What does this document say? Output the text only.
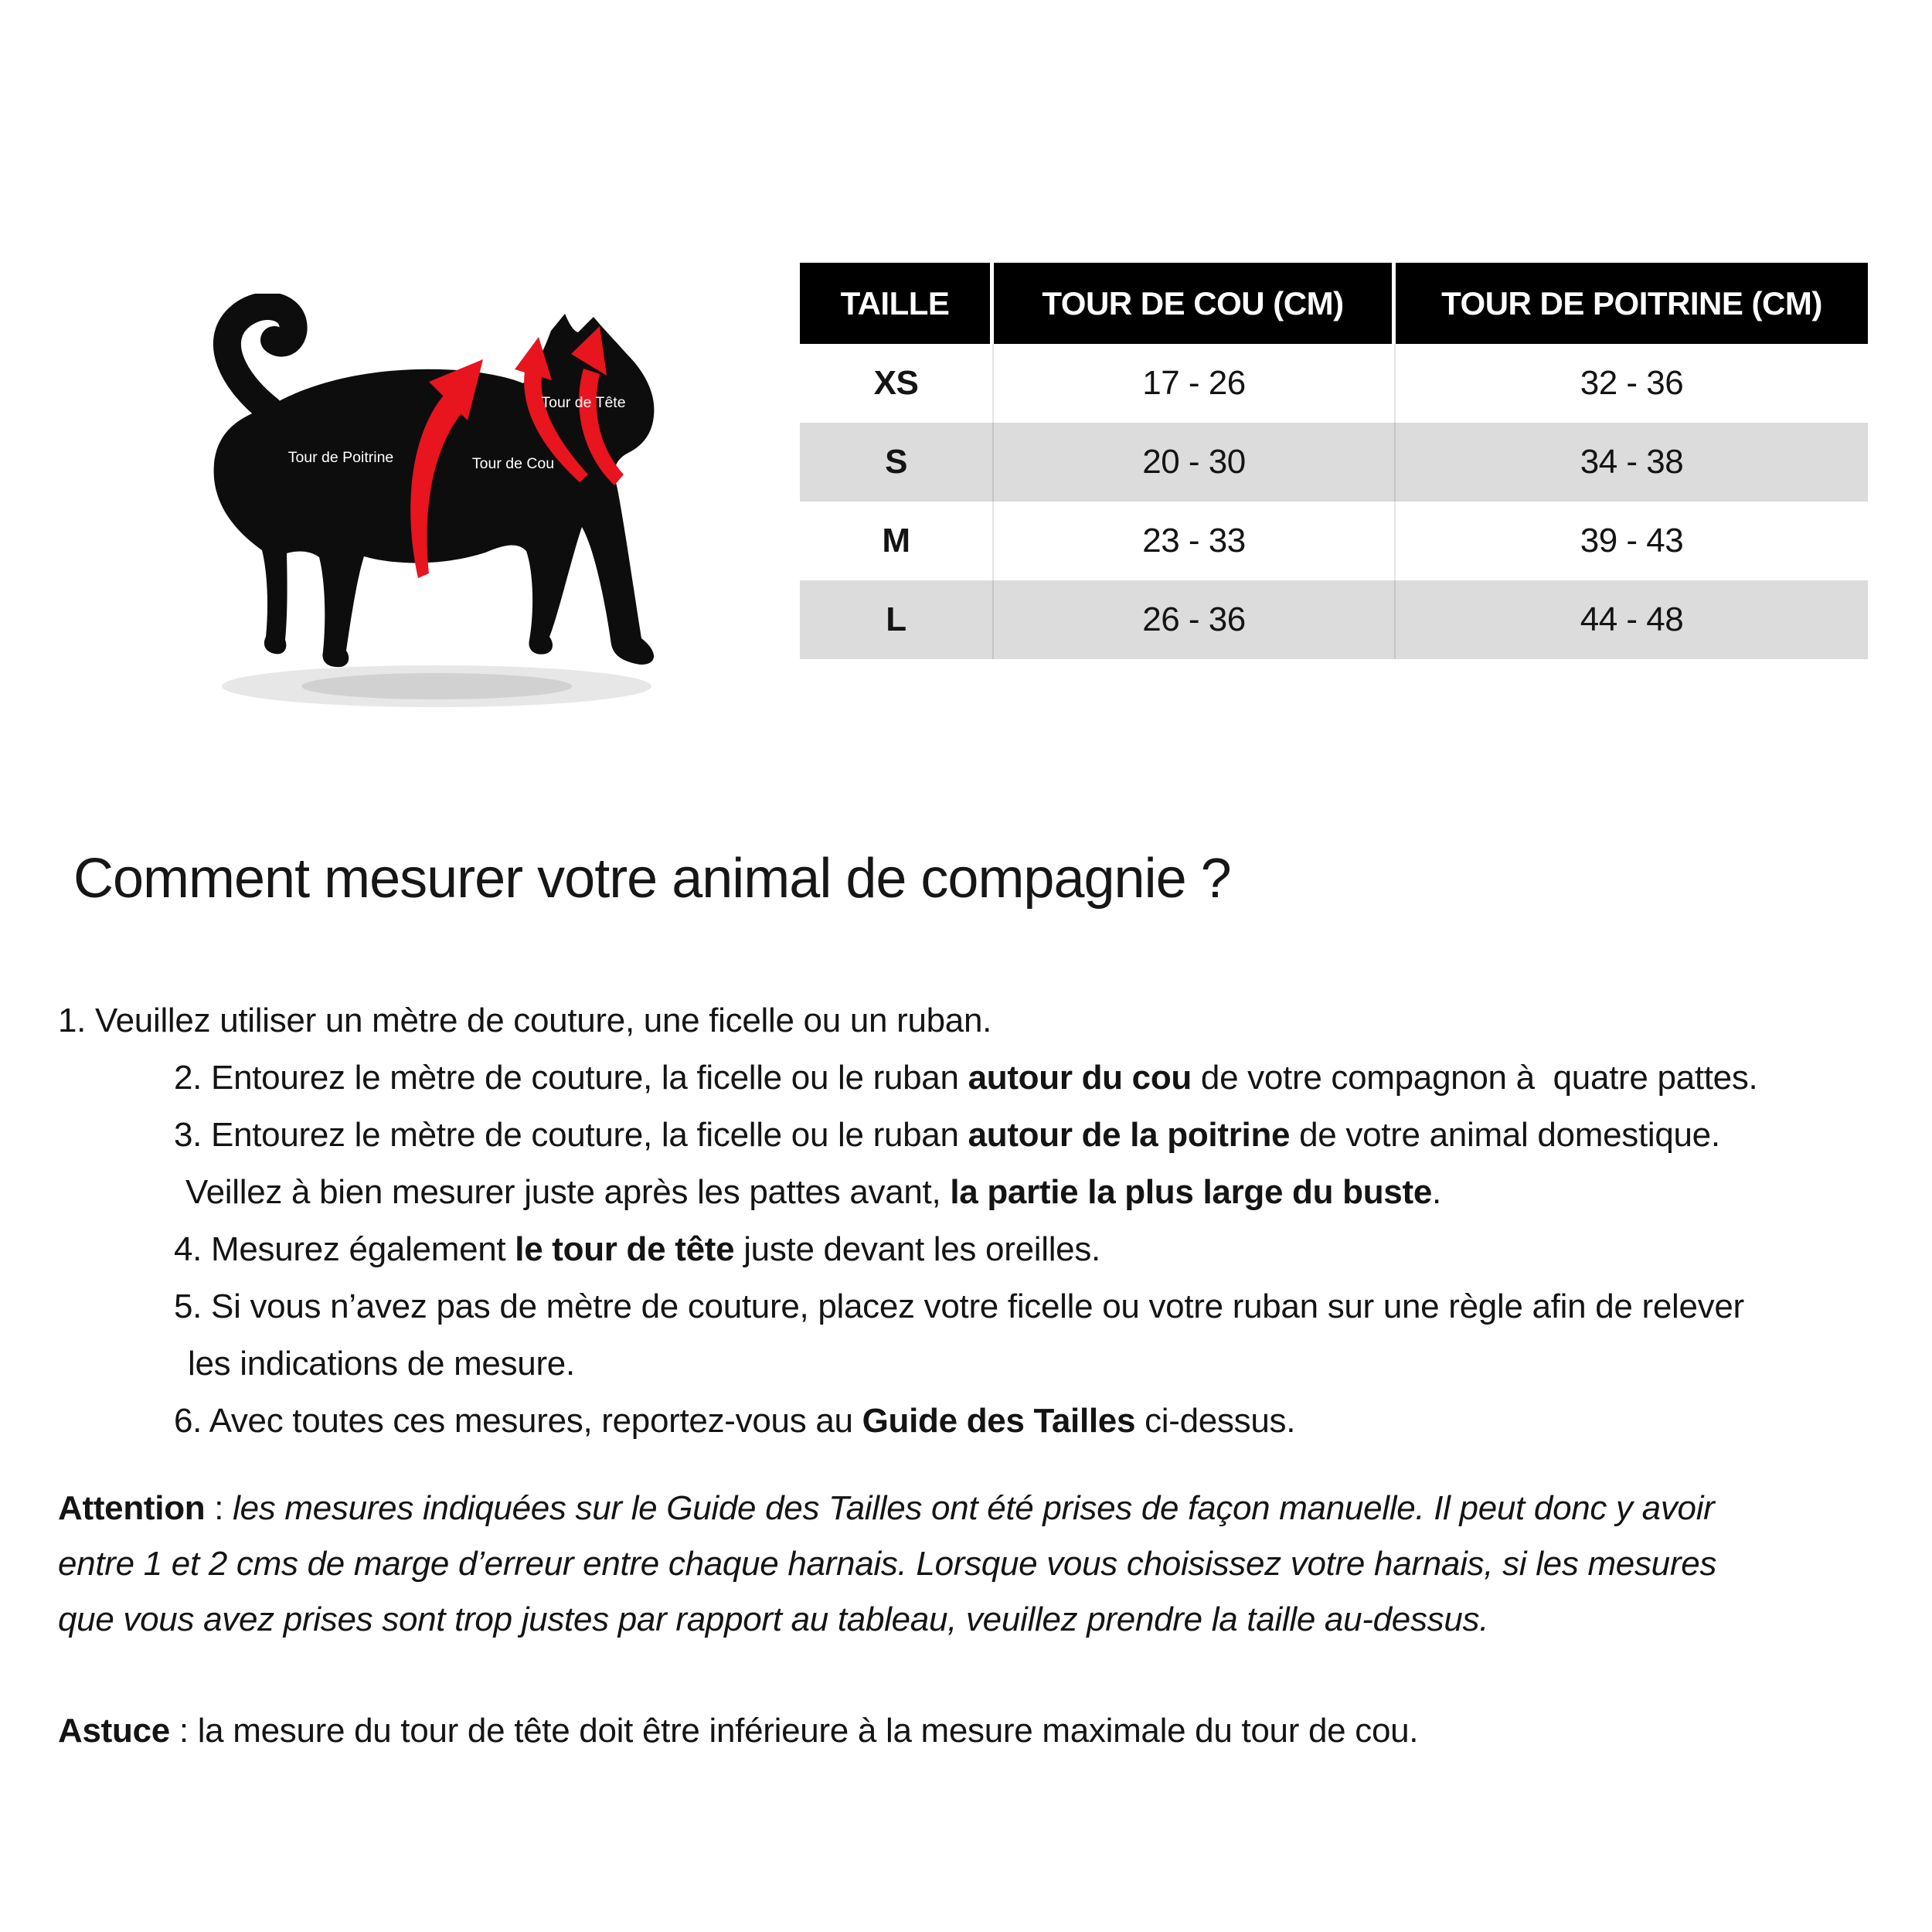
Tour de Poitrine	Tour de Cou
Tour de Tête
TAILLE	TOUR DE COU (CM)	TOUR DE POITRINE (CM)
XS	17 - 26	32 - 36
S	20 - 30	34 - 38
M	23 - 33	39 - 43
L	26 - 36	44 - 48
Comment mesurer votre animal de compagnie ?
1. Veuillez utiliser un mètre de couture, une ficelle ou un ruban.
2. Entourez le mètre de couture, la ficelle ou le ruban autour du cou de votre compagnon à  quatre pattes.
3. Entourez le mètre de couture, la ficelle ou le ruban autour de la poitrine de votre animal domestique.
Veillez à bien mesurer juste après les pattes avant, la partie la plus large du buste.
4. Mesurez également le tour de tête juste devant les oreilles.
5. Si vous n’avez pas de mètre de couture, placez votre ficelle ou votre ruban sur une règle afin de relever
les indications de mesure.
6. Avec toutes ces mesures, reportez-vous au Guide des Tailles ci-dessus.

Attention : les mesures indiquées sur le Guide des Tailles ont été prises de façon manuelle. Il peut donc y avoir
entre 1 et 2 cms de marge d’erreur entre chaque harnais. Lorsque vous choisissez votre harnais, si les mesures
que vous avez prises sont trop justes par rapport au tableau, veuillez prendre la taille au-dessus.

Astuce : la mesure du tour de tête doit être inférieure à la mesure maximale du tour de cou.
